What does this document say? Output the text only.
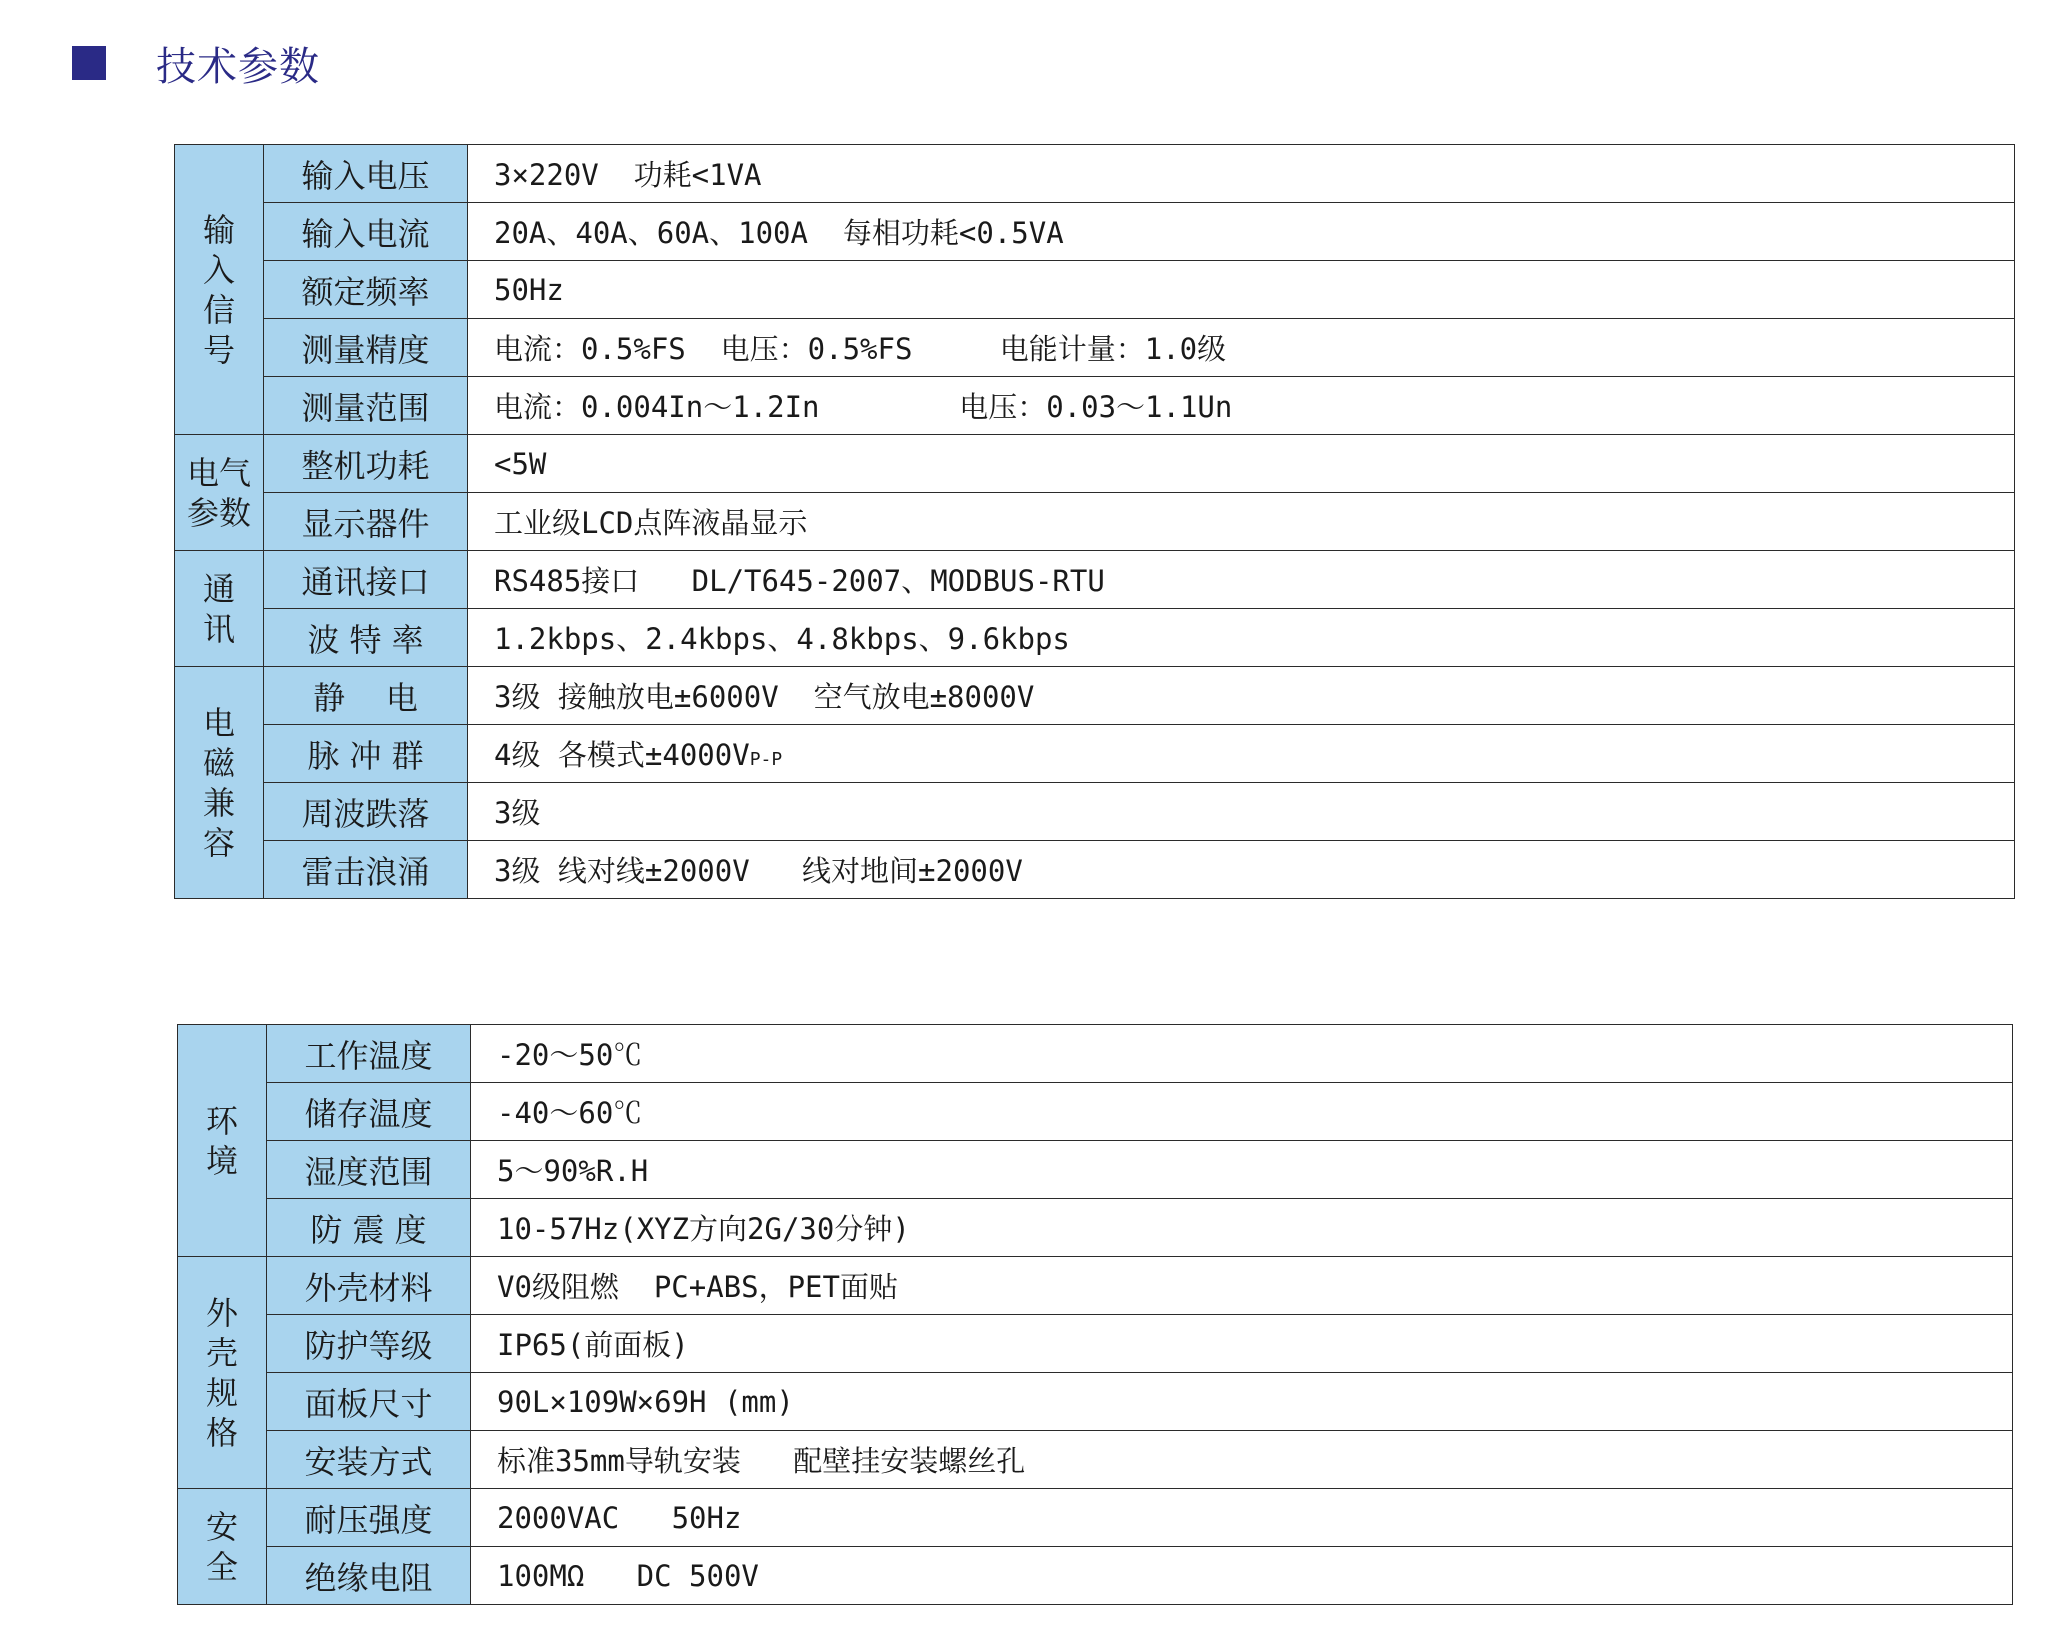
技术参数
输入信号	输入电压	3×220V  功耗<1VA
	输入电流	20A、40A、60A、100A  每相功耗<0.5VA
	额定频率	50Hz
	测量精度	电流：0.5%FS  电压：0.5%FS     电能计量：1.0级
	测量范围	电流：0.004In～1.2In        电压：0.03～1.1Un
电气
参数	整机功耗	<5W
	显示器件	工业级LCD点阵液晶显示
通讯	通讯接口	RS485接口   DL/T645-2007、MODBUS-RTU
	波 特 率	1.2kbps、2.4kbps、4.8kbps、9.6kbps
电磁兼容	静    电	3级 接触放电±6000V  空气放电±8000V
	脉 冲 群	4级 各模式±4000VP-P
	周波跌落	3级
	雷击浪涌	3级 线对线±2000V   线对地间±2000V
环境	工作温度	-20～50℃
	储存温度	-40～60℃
	湿度范围	5～90%R.H
	防 震 度	10-57Hz(XYZ方向2G/30分钟)
外壳规格	外壳材料	V0级阻燃  PC+ABS，PET面贴
	防护等级	IP65(前面板)
	面板尺寸	90L×109W×69H (mm)
	安装方式	标准35mm导轨安装   配壁挂安装螺丝孔
安全	耐压强度	2000VAC   50Hz
	绝缘电阻	100MΩ   DC 500V
